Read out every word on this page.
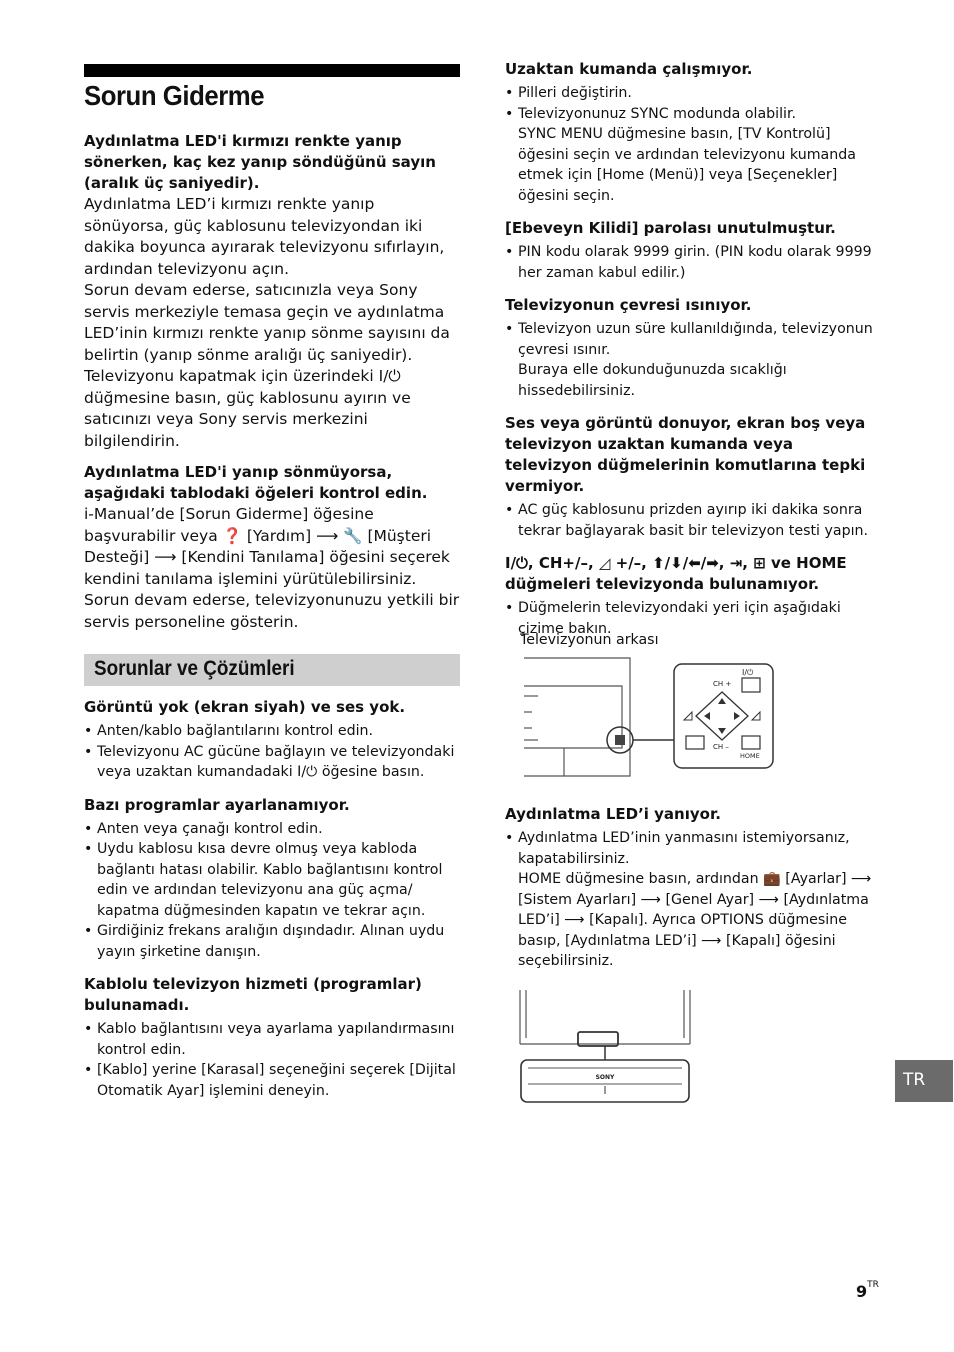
Sorun Giderme

Aydınlatma LED'i kırmızı renkte yanıp sönerken, kaç kez yanıp söndüğünü sayın (aralık üç saniyedir).

Aydınlatma LED’i kırmızı renkte yanıp sönüyorsa, güç kablosunu televizyondan iki dakika boyunca ayırarak televizyonu sıfırlayın, ardından televizyonu açın.

Sorun devam ederse, satıcınızla veya Sony servis merkeziyle temasa geçin ve aydınlatma LED’inin kırmızı renkte yanıp sönme sayısını da belirtin (yanıp sönme aralığı üç saniyedir).

Televizyonu kapatmak için üzerindeki I/⏻ düğmesine basın, güç kablosunu ayırın ve satıcınızı veya Sony servis merkezini bilgilendirin.

Aydınlatma LED'i yanıp sönmüyorsa, aşağıdaki tablodaki öğeleri kontrol edin.

i-Manual’de [Sorun Giderme] öğesine başvurabilir veya ❓ [Yardım] ⟶ 🔧 [Müşteri Desteği] ⟶ [Kendini Tanılama] öğesini seçerek kendini tanılama işlemini yürütülebilirsiniz.

Sorun devam ederse, televizyonunuzu yetkili bir servis personeline gösterin.

Sorunlar ve Çözümleri

Görüntü yok (ekran siyah) ve ses yok.

• Anten/kablo bağlantılarını kontrol edin.
• Televizyonu AC gücüne bağlayın ve televizyondaki veya uzaktan kumandadaki I/⏻ öğesine basın.

Bazı programlar ayarlanamıyor.

• Anten veya çanağı kontrol edin.
• Uydu kablosu kısa devre olmuş veya kabloda bağlantı hatası olabilir. Kablo bağlantısını kontrol edin ve ardından televizyonu ana güç açma/ kapatma düğmesinden kapatın ve tekrar açın.
• Girdiğiniz frekans aralığın dışındadır. Alınan uydu yayın şirketine danışın.

Kablolu televizyon hizmeti (programlar) bulunamadı.

• Kablo bağlantısını veya ayarlama yapılandırmasını kontrol edin.
• [Kablo] yerine [Karasal] seçeneğini seçerek [Dijital Otomatik Ayar] işlemini deneyin.

Uzaktan kumanda çalışmıyor.

• Pilleri değiştirin.
• Televizyonunuz SYNC modunda olabilir.
SYNC MENU düğmesine basın, [TV Kontrolü] öğesini seçin ve ardından televizyonu kumanda etmek için [Home (Menü)] veya [Seçenekler] öğesini seçin.

[Ebeveyn Kilidi] parolası unutulmuştur.

• PIN kodu olarak 9999 girin. (PIN kodu olarak 9999 her zaman kabul edilir.)

Televizyonun çevresi ısınıyor.

• Televizyon uzun süre kullanıldığında, televizyonun çevresi ısınır.
Buraya elle dokunduğunuzda sıcaklığı hissedebilirsiniz.

Ses veya görüntü donuyor, ekran boş veya televizyon uzaktan kumanda veya televizyon düğmelerinin komutlarına tepki vermiyor.

• AC güç kablosunu prizden ayırıp iki dakika sonra tekrar bağlayarak basit bir televizyon testi yapın.

I/⏻, CH+/–, ◿ +/–, ⬆/⬇/⬅/➡, ⇥, ⊞ ve HOME düğmeleri televizyonda bulunamıyor.

• Düğmelerin televizyondaki yeri için aşağıdaki çizime bakın.
Televizyonun arkası
I/⏻
CH +
CH –
HOME

Aydınlatma LED’i yanıyor.

• Aydınlatma LED’inin yanmasını istemiyorsanız, kapatabilirsiniz.
HOME düğmesine basın, ardından 💼 [Ayarlar] ⟶ [Sistem Ayarları] ⟶ [Genel Ayar] ⟶ [Aydınlatma LED’i] ⟶ [Kapalı]. Ayrıca OPTIONS düğmesine basıp, [Aydınlatma LED’i] ⟶ [Kapalı] öğesini seçebilirsiniz.
SONY	TR
$9^{TR}$
